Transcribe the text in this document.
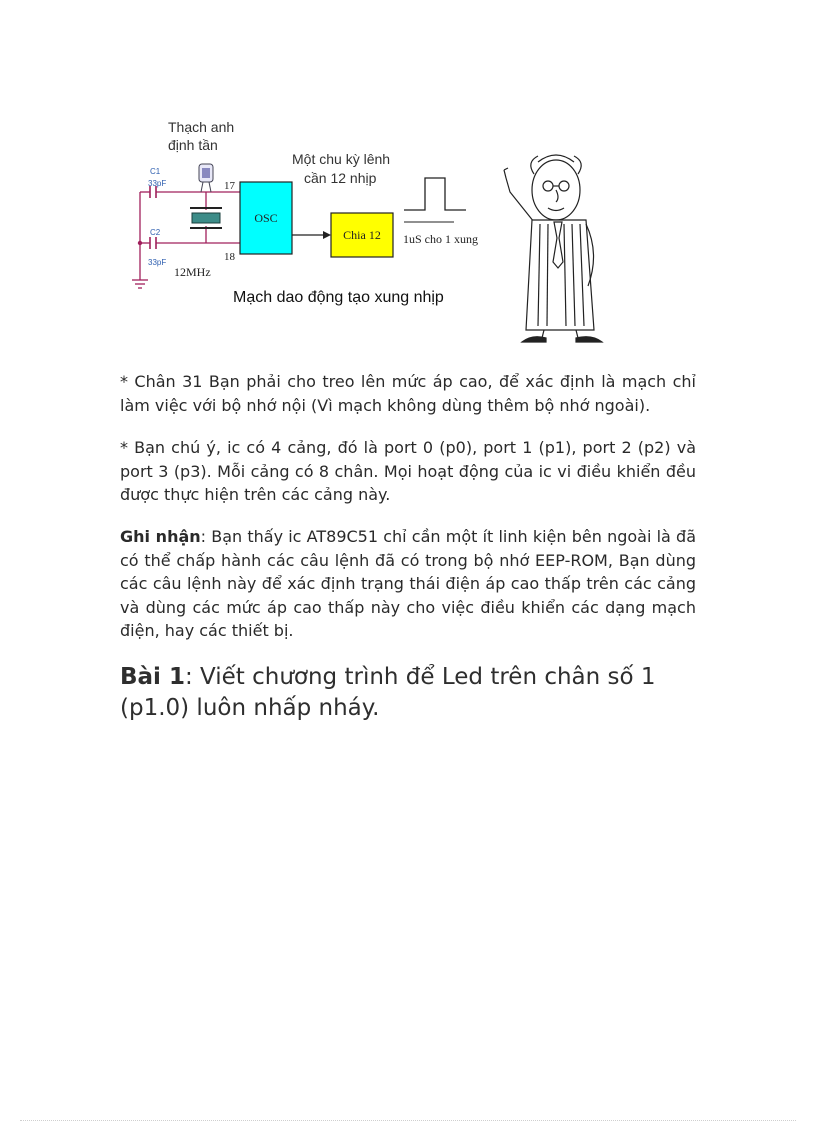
Thạch anh
định tần
Một chu kỳ lênh
cần 12 nhịp
C1
33pF
C2
33pF
17
18
OSC
Chia 12 1uS cho 1 xung
12MHz
Mạch dao động tạo xung nhịp

* Chân 31 Bạn phải cho treo lên mức áp cao, để xác định là mạch chỉ làm việc với bộ nhớ nội (Vì mạch không dùng thêm bộ nhớ ngoài).

* Bạn chú ý, ic có 4 cảng, đó là port 0 (p0), port 1 (p1), port 2 (p2) và port 3 (p3). Mỗi cảng có 8 chân. Mọi hoạt động của ic vi điều khiển đều được thực hiện trên các cảng này.

Ghi nhận: Bạn thấy ic AT89C51 chỉ cần một ít linh kiện bên ngoài là đã có thể chấp hành các câu lệnh đã có trong bộ nhớ EEP-ROM, Bạn dùng các câu lệnh này để xác định trạng thái điện áp cao thấp trên các cảng và dùng các mức áp cao thấp này cho việc điều khiển các dạng mạch điện, hay các thiết bị.

Bài 1: Viết chương trình để Led trên chân số 1 (p1.0) luôn nhấp nháy.
